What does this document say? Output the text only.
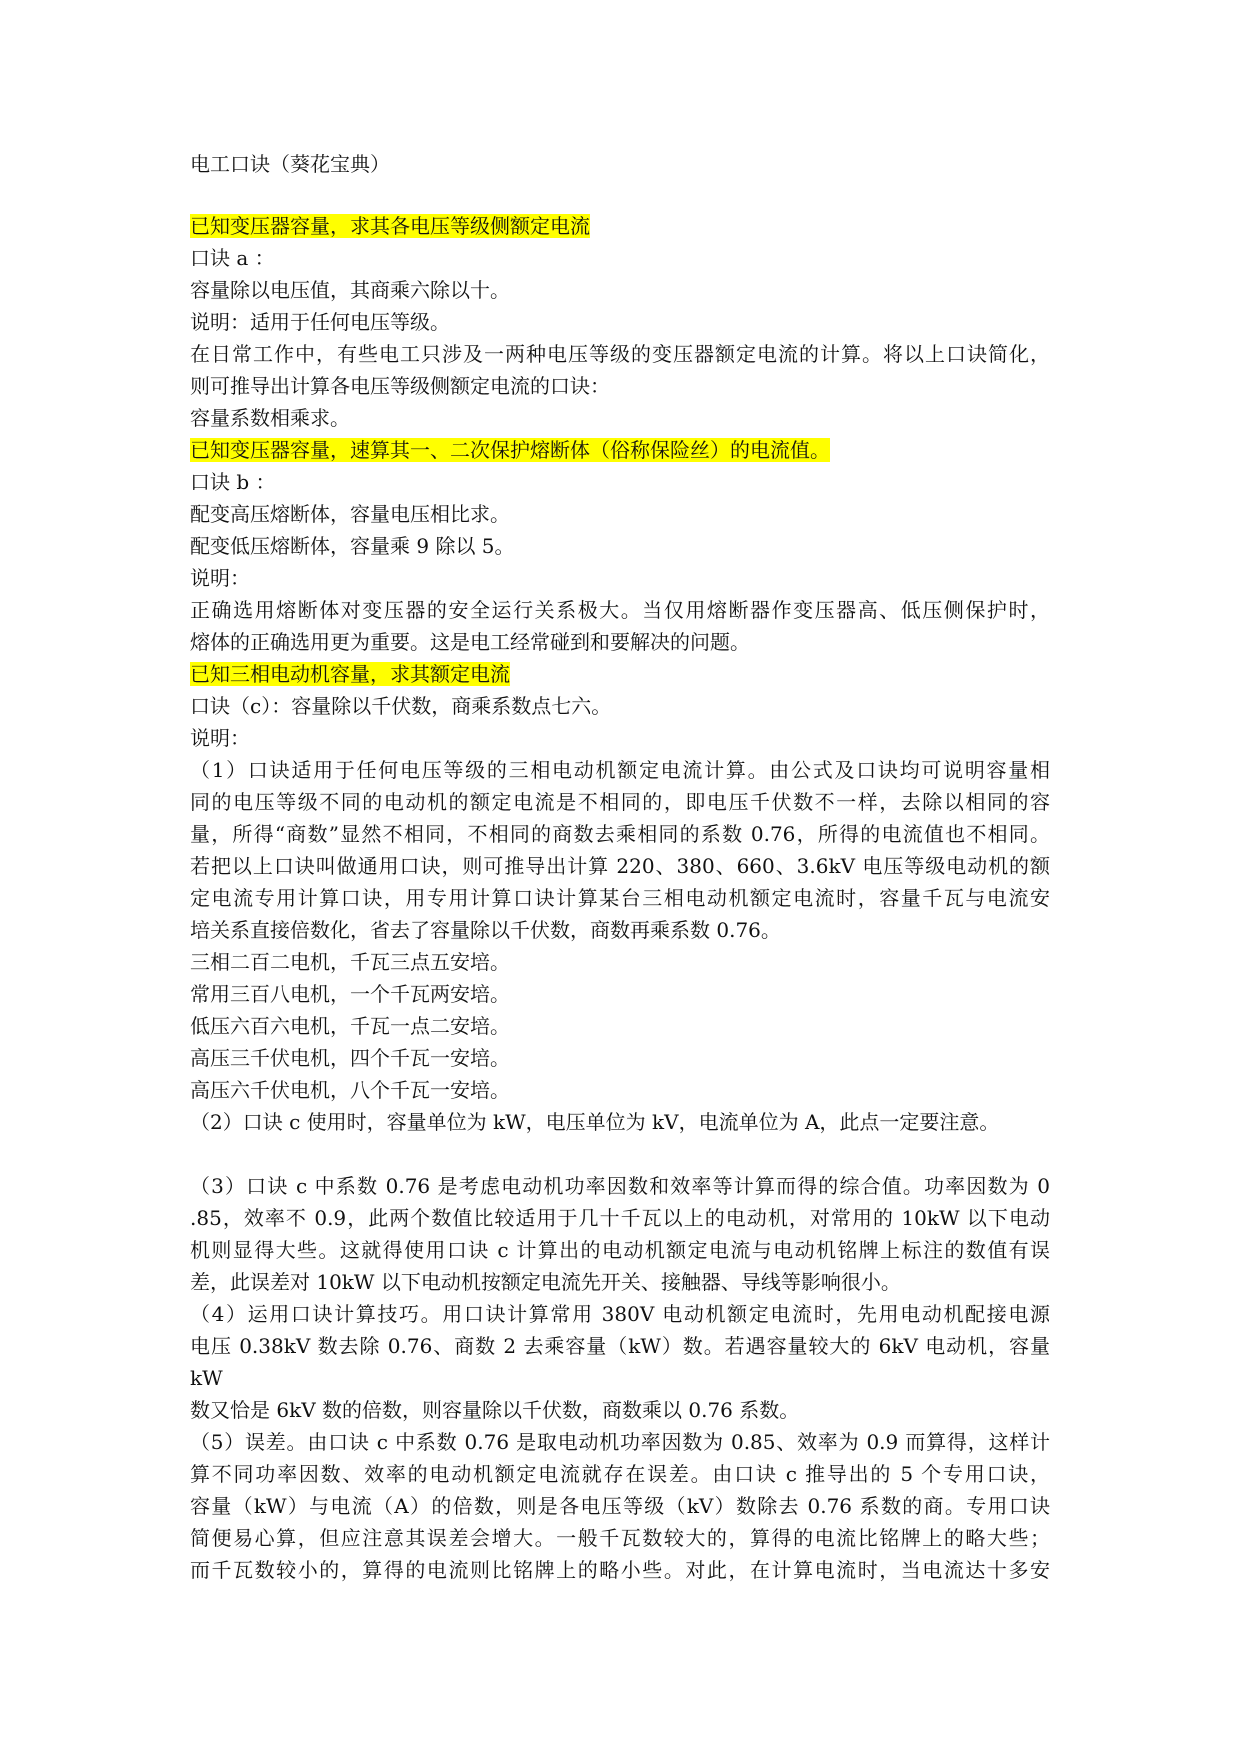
电工口诀（葵花宝典）
已知变压器容量，求其各电压等级侧额定电流
口诀 a ：
容量除以电压值，其商乘六除以十。
说明：适用于任何电压等级。
在日常工作中，有些电工只涉及一两种电压等级的变压器额定电流的计算。将以上口诀简化，
则可推导出计算各电压等级侧额定电流的口诀：
容量系数相乘求。
已知变压器容量，速算其一、二次保护熔断体（俗称保险丝）的电流值。
口诀 b ：
配变高压熔断体，容量电压相比求。
配变低压熔断体，容量乘 9 除以 5。
说明：
正确选用熔断体对变压器的安全运行关系极大。当仅用熔断器作变压器高、低压侧保护时，
熔体的正确选用更为重要。这是电工经常碰到和要解决的问题。
已知三相电动机容量，求其额定电流
口诀（c）：容量除以千伏数，商乘系数点七六。
说明：
（1）口诀适用于任何电压等级的三相电动机额定电流计算。由公式及口诀均可说明容量相
同的电压等级不同的电动机的额定电流是不相同的，即电压千伏数不一样，去除以相同的容
量，所得“商数”显然不相同，不相同的商数去乘相同的系数 0.76，所得的电流值也不相同。
若把以上口诀叫做通用口诀，则可推导出计算 220、380、660、3.6kV 电压等级电动机的额
定电流专用计算口诀，用专用计算口诀计算某台三相电动机额定电流时，容量千瓦与电流安
培关系直接倍数化，省去了容量除以千伏数，商数再乘系数 0.76。
三相二百二电机，千瓦三点五安培。
常用三百八电机，一个千瓦两安培。
低压六百六电机，千瓦一点二安培。
高压三千伏电机，四个千瓦一安培。
高压六千伏电机，八个千瓦一安培。
（2）口诀 c 使用时，容量单位为 kW，电压单位为 kV，电流单位为 A，此点一定要注意。
（3）口诀 c 中系数 0.76 是考虑电动机功率因数和效率等计算而得的综合值。功率因数为 0
.85，效率不 0.9，此两个数值比较适用于几十千瓦以上的电动机，对常用的 10kW 以下电动
机则显得大些。这就得使用口诀 c 计算出的电动机额定电流与电动机铭牌上标注的数值有误
差，此误差对 10kW 以下电动机按额定电流先开关、接触器、导线等影响很小。
（4）运用口诀计算技巧。用口诀计算常用 380V 电动机额定电流时，先用电动机配接电源
电压 0.38kV 数去除 0.76、商数 2 去乘容量（kW）数。若遇容量较大的 6kV 电动机，容量 kW
数又恰是 6kV 数的倍数，则容量除以千伏数，商数乘以 0.76 系数。
（5）误差。由口诀 c 中系数 0.76 是取电动机功率因数为 0.85、效率为 0.9 而算得，这样计
算不同功率因数、效率的电动机额定电流就存在误差。由口诀 c 推导出的 5 个专用口诀，
容量（kW）与电流（A）的倍数，则是各电压等级（kV）数除去 0.76 系数的商。专用口诀
简便易心算，但应注意其误差会增大。一般千瓦数较大的，算得的电流比铭牌上的略大些；
而千瓦数较小的，算得的电流则比铭牌上的略小些。对此，在计算电流时，当电流达十多安
